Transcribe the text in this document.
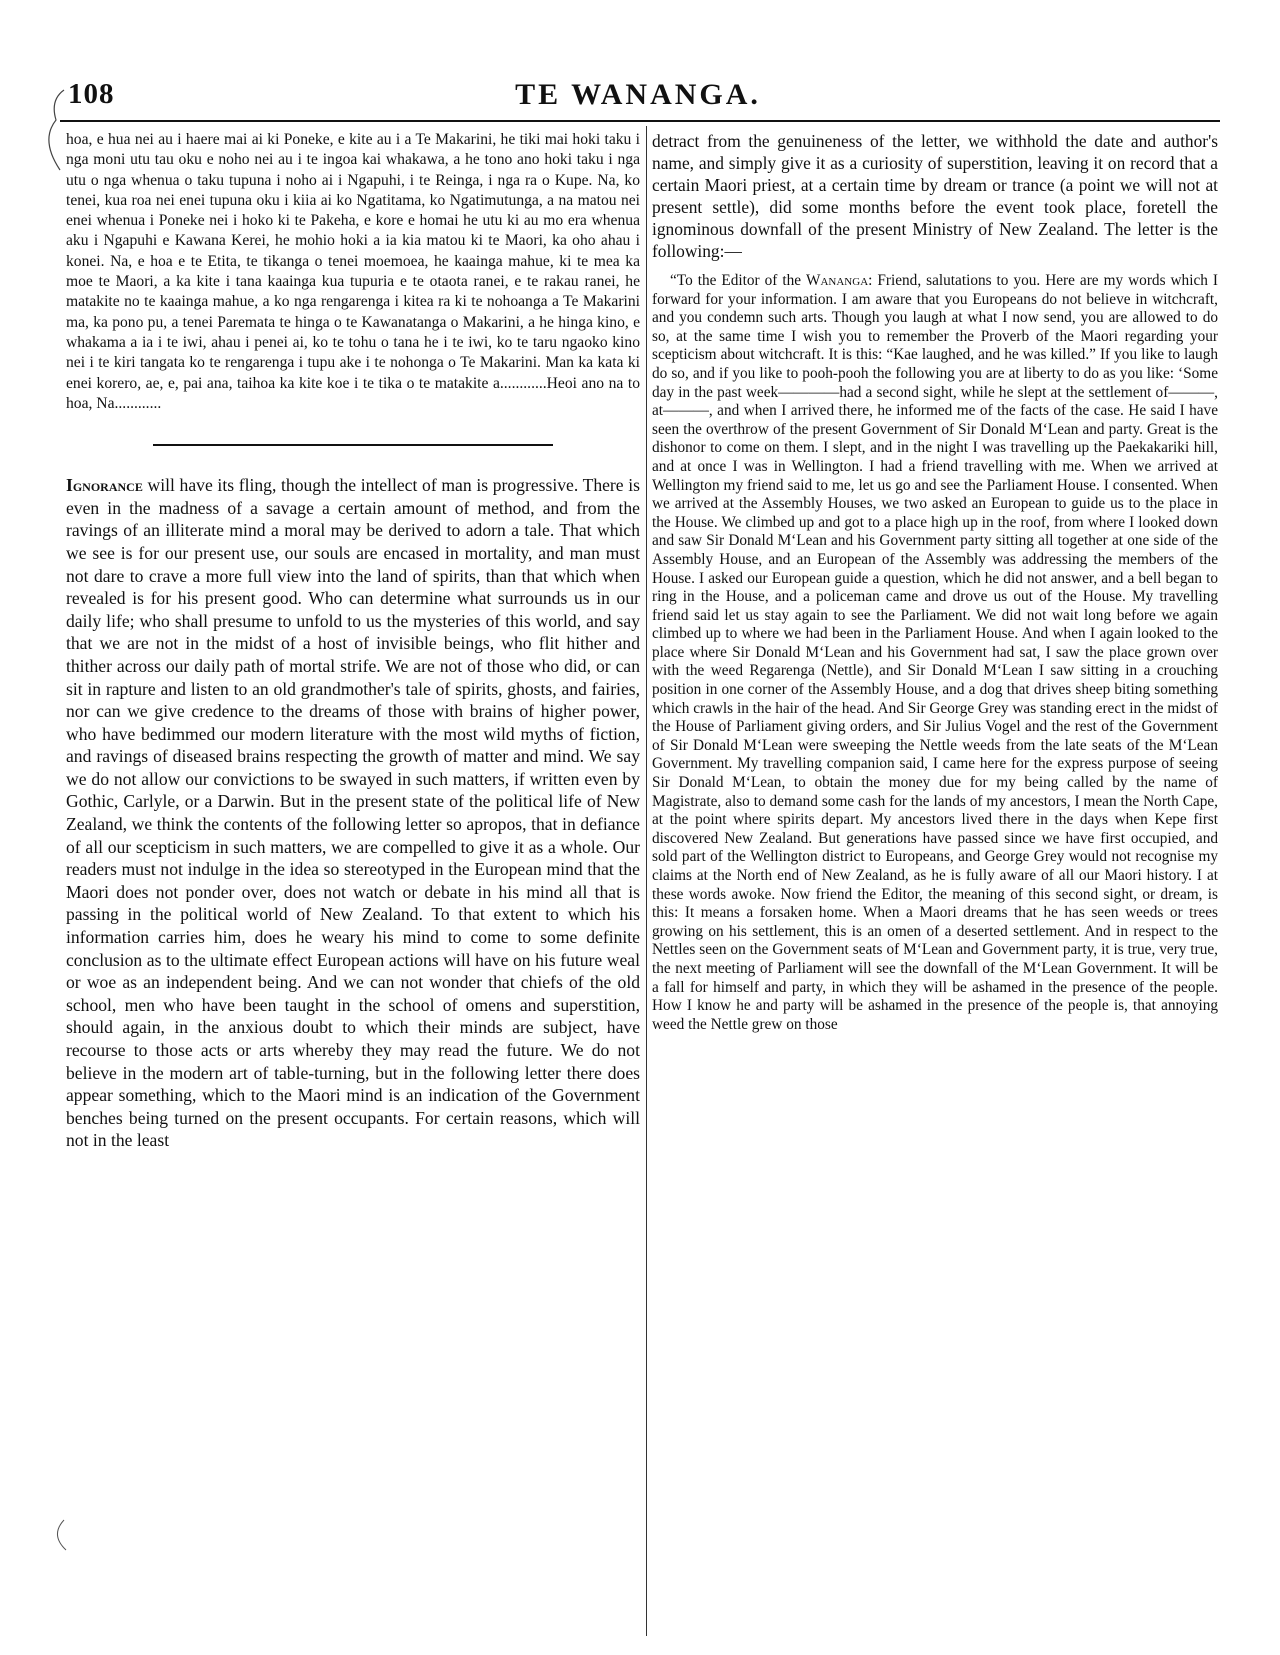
108	TE WANANGA.

hoa, e hua nei au i haere mai ai ki Poneke, e kite au i a Te Makarini, he tiki mai hoki taku i nga moni utu tau oku e noho nei au i te ingoa kai whakawa, a he tono ano hoki taku i nga utu o nga whenua o taku tupuna i noho ai i Ngapuhi, i te Reinga, i nga ra o Kupe. Na, ko tenei, kua roa nei enei tupuna oku i kiia ai ko Ngatitama, ko Ngatimutunga, a na matou nei enei whenua i Poneke nei i hoko ki te Pakeha, e kore e homai he utu ki au mo era whenua aku i Ngapuhi e Kawana Kerei, he mohio hoki a ia kia matou ki te Maori, ka oho ahau i konei. Na, e hoa e te Etita, te tikanga o tenei moemoea, he kaainga mahue, ki te mea ka moe te Maori, a ka kite i tana kaainga kua tupuria e te otaota ranei, e te rakau ranei, he matakite no te kaainga mahue, a ko nga rengarenga i kitea ra ki te nohoanga a Te Makarini ma, ka pono pu, a tenei Paremata te hinga o te Kawanatanga o Makarini, a he hinga kino, e whakama a ia i te iwi, ahau i penei ai, ko te tohu o tana he i te iwi, ko te taru ngaoko kino nei i te kiri tangata ko te rengarenga i tupu ake i te nohonga o Te Makarini. Man ka kata ki enei korero, ae, e, pai ana, taihoa ka kite koe i te tika o te matakite a............Heoi ano na to hoa, Na............

Ignorance will have its fling, though the intellect of man is progressive. There is even in the madness of a savage a certain amount of method, and from the ravings of an illiterate mind a moral may be derived to adorn a tale. That which we see is for our present use, our souls are encased in mortality, and man must not dare to crave a more full view into the land of spirits, than that which when revealed is for his present good. Who can determine what surrounds us in our daily life; who shall presume to unfold to us the mysteries of this world, and say that we are not in the midst of a host of invisible beings, who flit hither and thither across our daily path of mortal strife. We are not of those who did, or can sit in rapture and listen to an old grandmother's tale of spirits, ghosts, and fairies, nor can we give credence to the dreams of those with brains of higher power, who have bedimmed our modern literature with the most wild myths of fiction, and ravings of diseased brains respecting the growth of matter and mind. We say we do not allow our convictions to be swayed in such matters, if written even by Gothic, Carlyle, or a Darwin. But in the present state of the political life of New Zealand, we think the contents of the following letter so apropos, that in defiance of all our scepticism in such matters, we are compelled to give it as a whole. Our readers must not indulge in the idea so stereotyped in the European mind that the Maori does not ponder over, does not watch or debate in his mind all that is passing in the political world of New Zealand. To that extent to which his information carries him, does he weary his mind to come to some definite conclusion as to the ultimate effect European actions will have on his future weal or woe as an independent being. And we can not wonder that chiefs of the old school, men who have been taught in the school of omens and superstition, should again, in the anxious doubt to which their minds are subject, have recourse to those acts or arts whereby they may read the future. We do not believe in the modern art of table-turning, but in the following letter there does appear something, which to the Maori mind is an indication of the Government benches being turned on the present occupants. For certain reasons, which will not in the least

detract from the genuineness of the letter, we withhold the date and author's name, and simply give it as a curiosity of superstition, leaving it on record that a certain Maori priest, at a certain time by dream or trance (a point we will not at present settle), did some months before the event took place, foretell the ignominous downfall of the present Ministry of New Zealand. The letter is the following:—

“To the Editor of the Wananga: Friend, salutations to you. Here are my words which I forward for your information. I am aware that you Europeans do not believe in witchcraft, and you condemn such arts. Though you laugh at what I now send, you are allowed to do so, at the same time I wish you to remember the Proverb of the Maori regarding your scepticism about witchcraft. It is this: “Kae laughed, and he was killed.” If you like to laugh do so, and if you like to pooh-pooh the following you are at liberty to do as you like: ‘Some day in the past week————had a second sight, while he slept at the settlement of———, at———, and when I arrived there, he informed me of the facts of the case. He said I have seen the overthrow of the present Government of Sir Donald M‘Lean and party. Great is the dishonor to come on them. I slept, and in the night I was travelling up the Paekakariki hill, and at once I was in Wellington. I had a friend travelling with me. When we arrived at Wellington my friend said to me, let us go and see the Parliament House. I consented. When we arrived at the Assembly Houses, we two asked an European to guide us to the place in the House. We climbed up and got to a place high up in the roof, from where I looked down and saw Sir Donald M‘Lean and his Government party sitting all together at one side of the Assembly House, and an European of the Assembly was addressing the members of the House. I asked our European guide a question, which he did not answer, and a bell began to ring in the House, and a policeman came and drove us out of the House. My travelling friend said let us stay again to see the Parliament. We did not wait long before we again climbed up to where we had been in the Parliament House. And when I again looked to the place where Sir Donald M‘Lean and his Government had sat, I saw the place grown over with the weed Regarenga (Nettle), and Sir Donald M‘Lean I saw sitting in a crouching position in one corner of the Assembly House, and a dog that drives sheep biting something which crawls in the hair of the head. And Sir George Grey was standing erect in the midst of the House of Parliament giving orders, and Sir Julius Vogel and the rest of the Government of Sir Donald M‘Lean were sweeping the Nettle weeds from the late seats of the M‘Lean Government. My travelling companion said, I came here for the express purpose of seeing Sir Donald M‘Lean, to obtain the money due for my being called by the name of Magistrate, also to demand some cash for the lands of my ancestors, I mean the North Cape, at the point where spirits depart. My ancestors lived there in the days when Kepe first discovered New Zealand. But generations have passed since we have first occupied, and sold part of the Wellington district to Europeans, and George Grey would not recognise my claims at the North end of New Zealand, as he is fully aware of all our Maori history. I at these words awoke. Now friend the Editor, the meaning of this second sight, or dream, is this: It means a forsaken home. When a Maori dreams that he has seen weeds or trees growing on his settlement, this is an omen of a deserted settlement. And in respect to the Nettles seen on the Government seats of M‘Lean and Government party, it is true, very true, the next meeting of Parliament will see the downfall of the M‘Lean Government. It will be a fall for himself and party, in which they will be ashamed in the presence of the people. How I know he and party will be ashamed in the presence of the people is, that annoying weed the Nettle grew on those
